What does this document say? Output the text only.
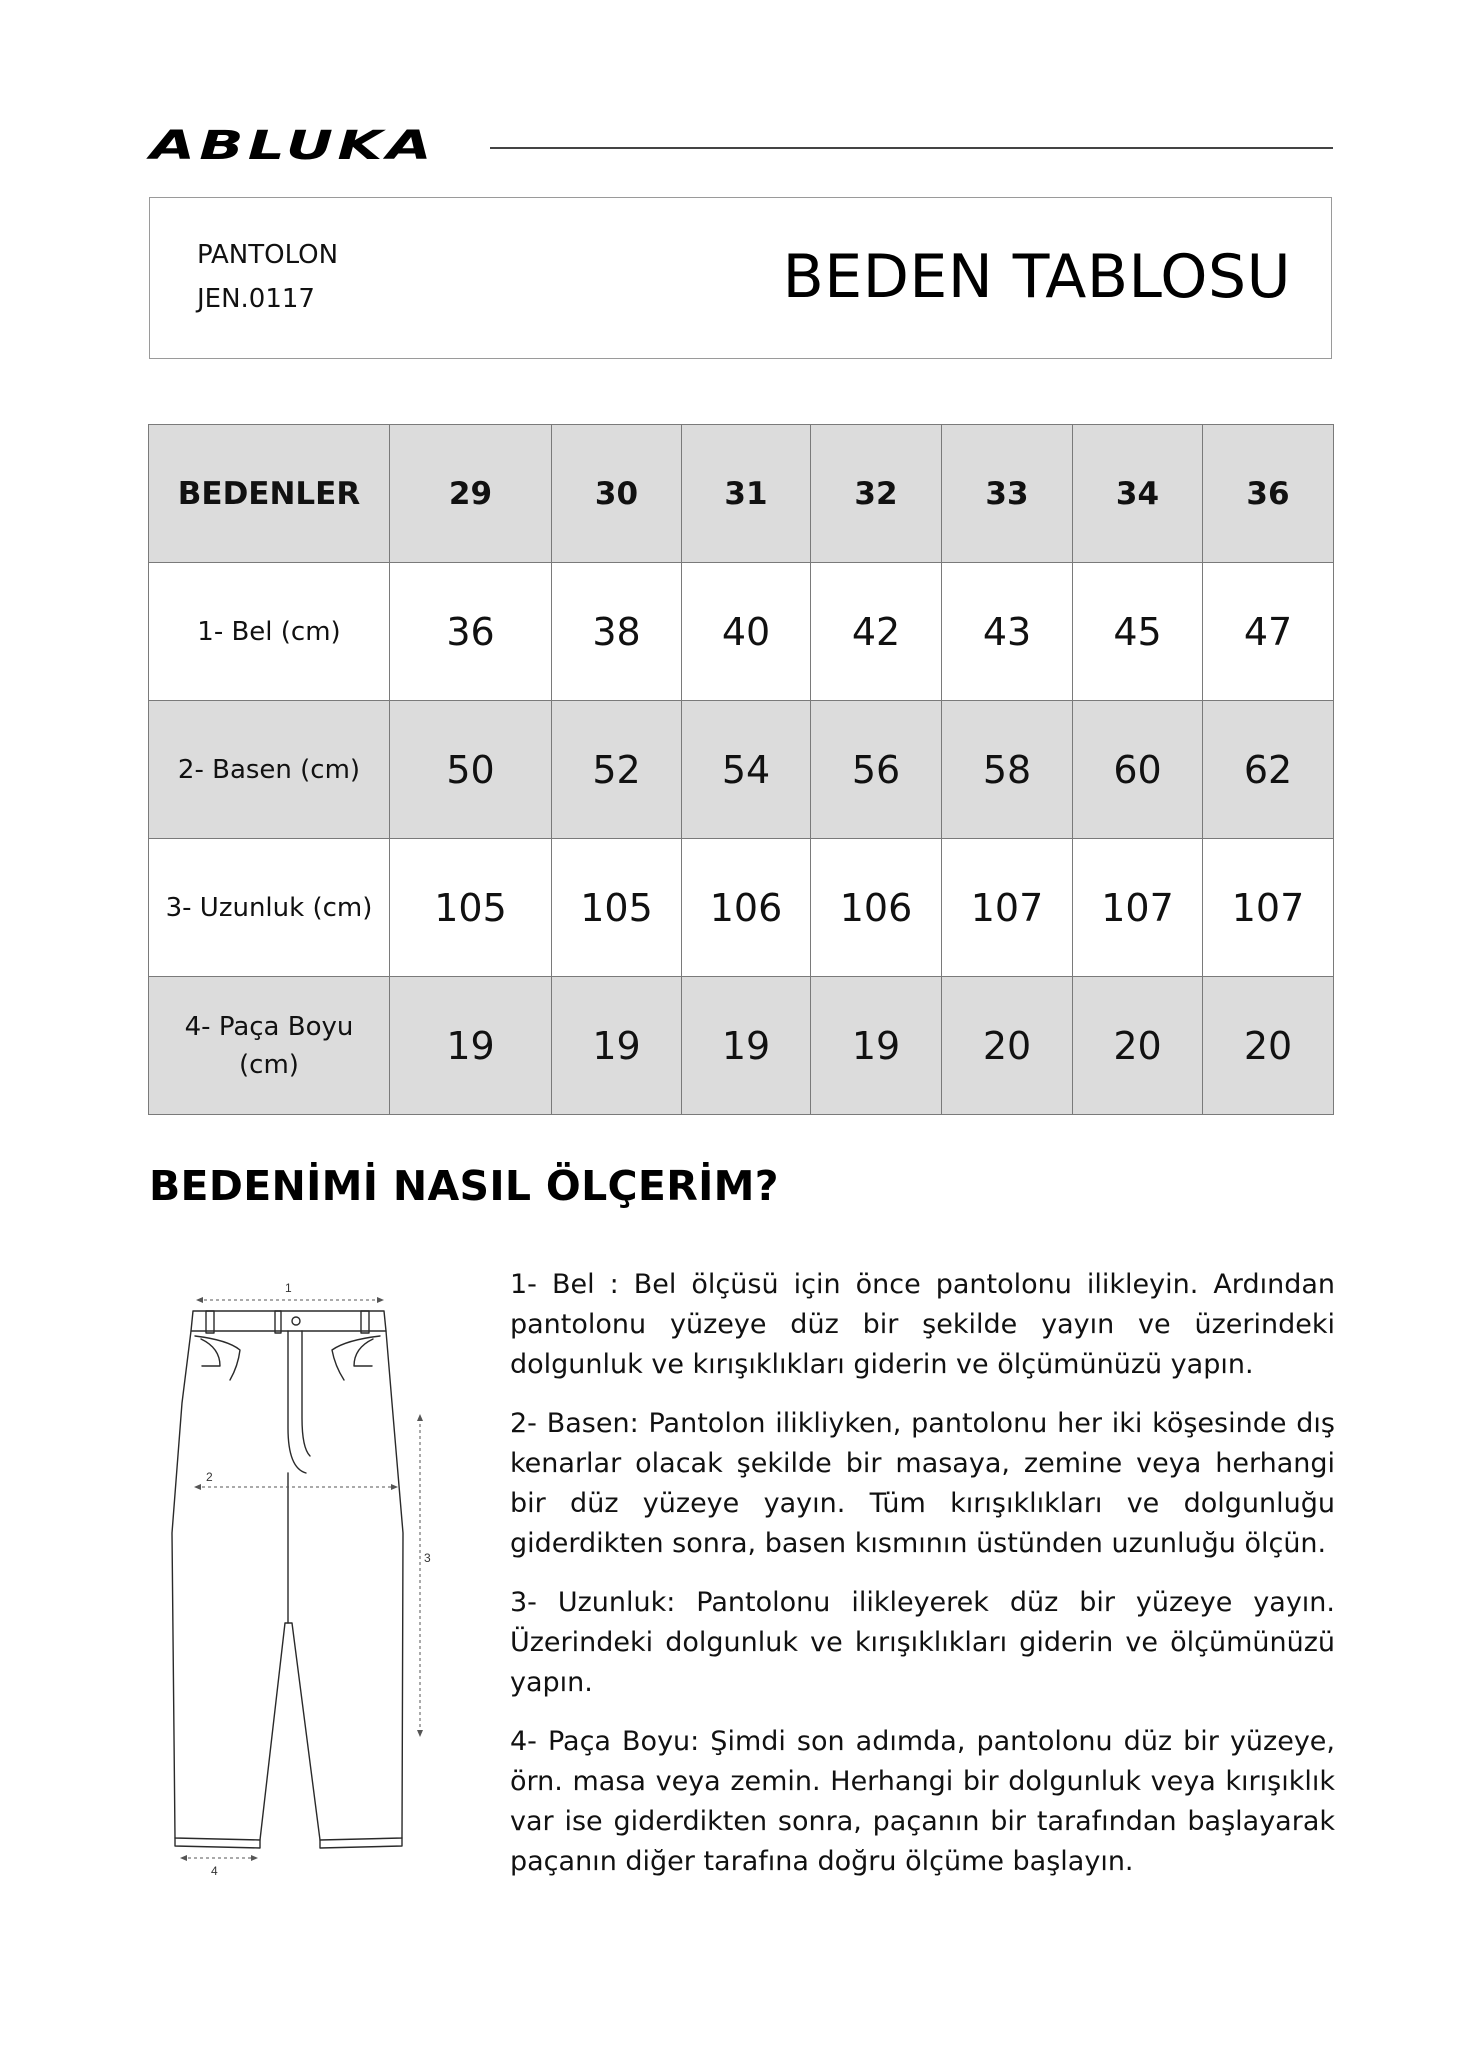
ABLUKA
PANTOLON
JEN.0117	BEDEN TABLOSU
BEDENLER	29	30	31	32	33	34	36
1- Bel (cm)	36	38	40	42	43	45	47
2- Basen (cm)	50	52	54	56	58	60	62
3- Uzunluk (cm)	105	105	106	106	107	107	107
4- Paça Boyu
(cm)	19	19	19	19	20	20	20
BEDENİMİ NASIL ÖLÇERİM?
1
2
3
4

1- Bel : Bel ölçüsü için önce pantolonu ilikleyin. Ardından pantolonu yüzeye düz bir şekilde yayın ve üzerindeki dolgunluk ve kırışıklıkları giderin ve ölçümünüzü yapın.

2- Basen: Pantolon ilikliyken, pantolonu her iki köşesinde dış kenarlar olacak şekilde bir masaya, zemine veya herhangi bir düz yüzeye yayın. Tüm kırışıklıkları ve dolgunluğu giderdikten sonra, basen kısmının üstünden uzunluğu ölçün.

3- Uzunluk: Pantolonu ilikleyerek düz bir yüzeye yayın. Üzerindeki dolgunluk ve kırışıklıkları giderin ve ölçümünüzü yapın.

4- Paça Boyu: Şimdi son adımda, pantolonu düz bir yüzeye, örn. masa veya zemin. Herhangi bir dolgunluk veya kırışıklık var ise giderdikten sonra, paçanın bir tarafından başlayarak paçanın diğer tarafına doğru ölçüme başlayın.
